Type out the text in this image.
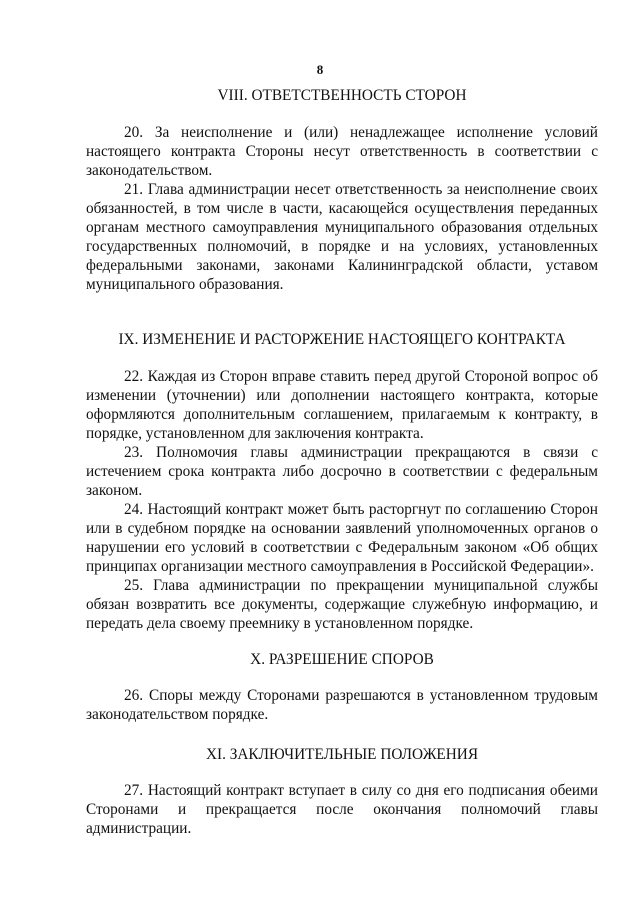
8
VIII. ОТВЕТСТВЕННОСТЬ СТОРОН

20. За неисполнение и (или) ненадлежащее исполнение условий настоящего контракта Стороны несут ответственность в соответствии с законодательством.

21. Глава администрации несет ответственность за неисполнение своих обязанностей, в том числе в части, касающейся осуществления переданных органам местного самоуправления муниципального образования отдельных государственных полномочий, в порядке и на условиях, установленных федеральными законами, законами Калининградской области, уставом муниципального образования.

IX. ИЗМЕНЕНИЕ И РАСТОРЖЕНИЕ НАСТОЯЩЕГО КОНТРАКТА

22. Каждая из Сторон вправе ставить перед другой Стороной вопрос об изменении (уточнении) или дополнении настоящего контракта, которые оформляются дополнительным соглашением, прилагаемым к контракту, в порядке, установленном для заключения контракта.

23. Полномочия главы администрации прекращаются в связи с истечением срока контракта либо досрочно в соответствии с федеральным законом.

24. Настоящий контракт может быть расторгнут по соглашению Сторон или в судебном порядке на основании заявлений уполномоченных органов о нарушении его условий в соответствии с Федеральным законом «Об общих принципах организации местного самоуправления в Российской Федерации».

25. Глава администрации по прекращении муниципальной службы обязан возвратить все документы, содержащие служебную информацию, и передать дела своему преемнику в установленном порядке.

X. РАЗРЕШЕНИЕ СПОРОВ

26. Споры между Сторонами разрешаются в установленном трудовым законодательством порядке.

XI. ЗАКЛЮЧИТЕЛЬНЫЕ ПОЛОЖЕНИЯ

27. Настоящий контракт вступает в силу со дня его подписания обеими Сторонами и прекращается после окончания полномочий главы администрации.
